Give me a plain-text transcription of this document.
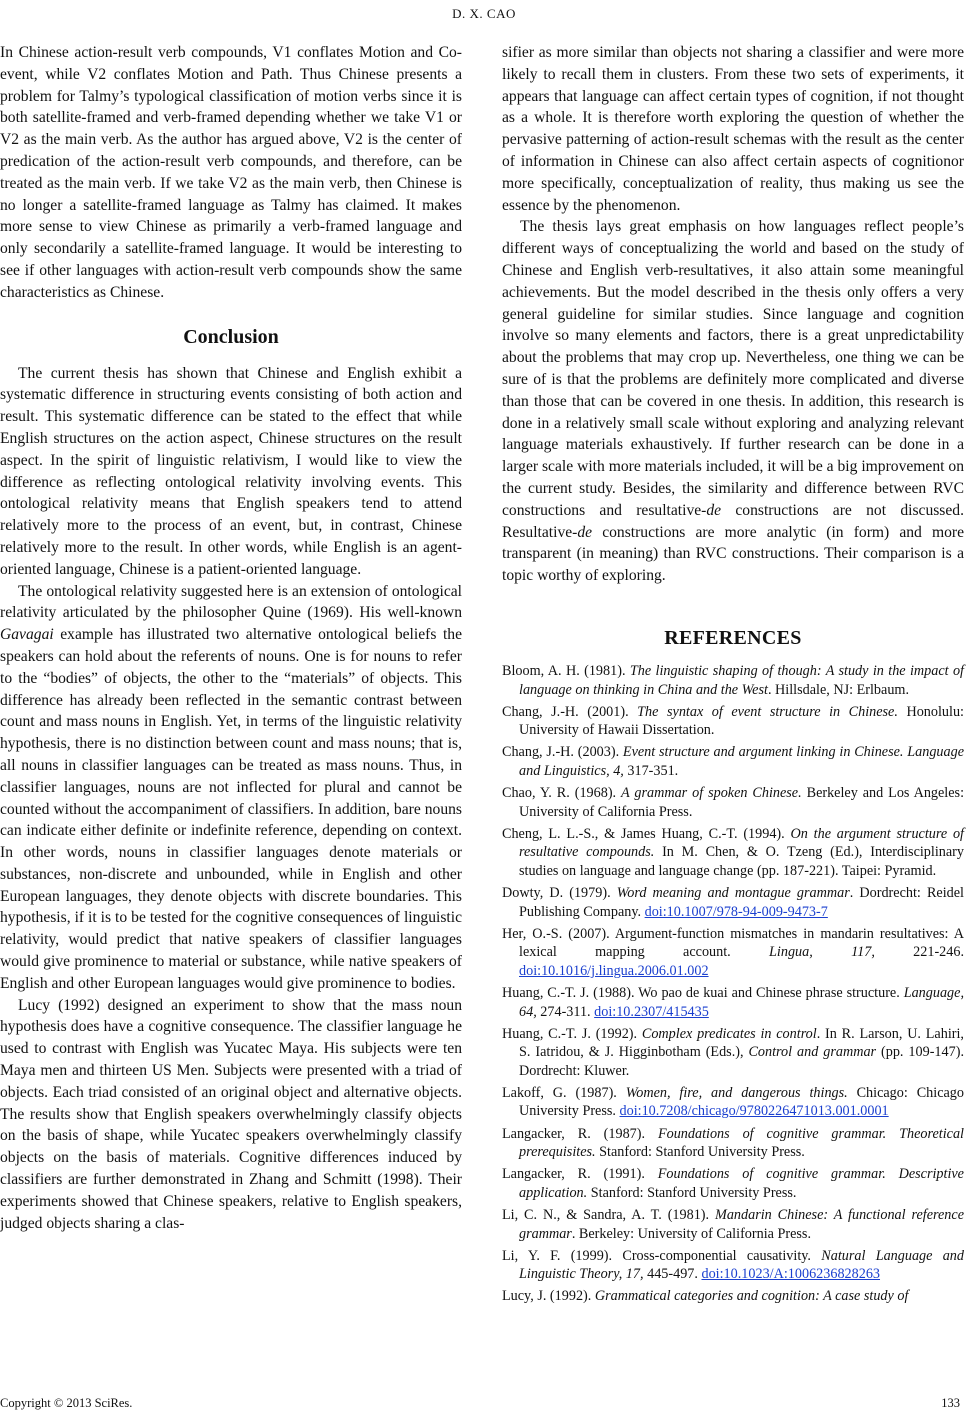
D. X. CAO

In Chinese action-result verb compounds, V1 conflates Motion and Co-event, while V2 conflates Motion and Path. Thus Chinese presents a problem for Talmy’s typological classification of motion verbs since it is both satellite-framed and verb-framed depending whether we take V1 or V2 as the main verb. As the author has argued above, V2 is the center of predication of the action-result verb compounds, and therefore, can be treated as the main verb. If we take V2 as the main verb, then Chinese is no longer a satellite-framed language as Talmy has claimed. It makes more sense to view Chinese as primarily a verb-framed language and only secondarily a satellite-framed language. It would be interesting to see if other languages with action-result verb compounds show the same characteristics as Chinese.

Conclusion

The current thesis has shown that Chinese and English exhibit a systematic difference in structuring events consisting of both action and result. This systematic difference can be stated to the effect that while English structures on the action aspect, Chinese structures on the result aspect. In the spirit of linguistic relativism, I would like to view the difference as reflecting ontological relativity involving events. This ontological relativity means that English speakers tend to attend relatively more to the process of an event, but, in contrast, Chinese relatively more to the result. In other words, while English is an agent-oriented language, Chinese is a patient-oriented language.

The ontological relativity suggested here is an extension of ontological relativity articulated by the philosopher Quine (1969). His well-known Gavagai example has illustrated two alternative ontological beliefs the speakers can hold about the referents of nouns. One is for nouns to refer to the “bodies” of objects, the other to the “materials” of objects. This difference has already been reflected in the semantic contrast between count and mass nouns in English. Yet, in terms of the linguistic relativity hypothesis, there is no distinction between count and mass nouns; that is, all nouns in classifier languages can be treated as mass nouns. Thus, in classifier languages, nouns are not inflected for plural and cannot be counted without the accompaniment of classifiers. In addition, bare nouns can indicate either definite or indefinite reference, depending on context. In other words, nouns in classifier languages denote materials or substances, non-discrete and unbounded, while in English and other European languages, they denote objects with discrete boundaries. This hypothesis, if it is to be tested for the cognitive consequences of linguistic relativity, would predict that native speakers of classifier languages would give prominence to material or substance, while native speakers of English and other European languages would give prominence to bodies.

Lucy (1992) designed an experiment to show that the mass noun hypothesis does have a cognitive consequence. The classifier language he used to contrast with English was Yucatec Maya. His subjects were ten Maya men and thirteen US Men. Subjects were presented with a triad of objects. Each triad consisted of an original object and alternative objects. The results show that English speakers overwhelmingly classify objects on the basis of shape, while Yucatec speakers overwhelmingly classify objects on the basis of materials. Cognitive differences induced by classifiers are further demonstrated in Zhang and Schmitt (1998). Their experiments showed that Chinese speakers, relative to English speakers, judged objects sharing a clas-

sifier as more similar than objects not sharing a classifier and were more likely to recall them in clusters. From these two sets of experiments, it appears that language can affect certain types of cognition, if not thought as a whole. It is therefore worth exploring the question of whether the pervasive patterning of action-result schemas with the result as the center of information in Chinese can also affect certain aspects of cognitionor more specifically, conceptualization of reality, thus making us see the essence by the phenomenon.

The thesis lays great emphasis on how languages reflect people’s different ways of conceptualizing the world and based on the study of Chinese and English verb-resultatives, it also attain some meaningful achievements. But the model described in the thesis only offers a very general guideline for similar studies. Since language and cognition involve so many elements and factors, there is a great unpredictability about the problems that may crop up. Nevertheless, one thing we can be sure of is that the problems are definitely more complicated and diverse than those that can be covered in one thesis. In addition, this research is done in a relatively small scale without exploring and analyzing relevant language materials exhaustively. If further research can be done in a larger scale with more materials included, it will be a big improvement on the current study. Besides, the similarity and difference between RVC constructions and resultative-de constructions are not discussed. Resultative-de constructions are more analytic (in form) and more transparent (in meaning) than RVC constructions. Their comparison is a topic worthy of exploring.

REFERENCES

Bloom, A. H. (1981). The linguistic shaping of though: A study in the impact of language on thinking in China and the West. Hillsdale, NJ: Erlbaum.

Chang, J.-H. (2001). The syntax of event structure in Chinese. Honolulu: University of Hawaii Dissertation.

Chang, J.-H. (2003). Event structure and argument linking in Chinese. Language and Linguistics, 4, 317-351.

Chao, Y. R. (1968). A grammar of spoken Chinese. Berkeley and Los Angeles: University of California Press.

Cheng, L. L.-S., & James Huang, C.-T. (1994). On the argument structure of resultative compounds. In M. Chen, & O. Tzeng (Ed.), Interdisciplinary studies on language and language change (pp. 187-221). Taipei: Pyramid.

Dowty, D. (1979). Word meaning and montague grammar. Dordrecht: Reidel Publishing Company. doi:10.1007/978-94-009-9473-7

Her, O.-S. (2007). Argument-function mismatches in mandarin resultatives: A lexical mapping account. Lingua, 117, 221-246. doi:10.1016/j.lingua.2006.01.002

Huang, C.-T. J. (1988). Wo pao de kuai and Chinese phrase structure. Language, 64, 274-311. doi:10.2307/415435

Huang, C.-T. J. (1992). Complex predicates in control. In R. Larson, U. Lahiri, S. Iatridou, & J. Higginbotham (Eds.), Control and grammar (pp. 109-147). Dordrecht: Kluwer.

Lakoff, G. (1987). Women, fire, and dangerous things. Chicago: Chicago University Press. doi:10.7208/chicago/9780226471013.001.0001

Langacker, R. (1987). Foundations of cognitive grammar. Theoretical prerequisites. Stanford: Stanford University Press.

Langacker, R. (1991). Foundations of cognitive grammar. Descriptive application. Stanford: Stanford University Press.

Li, C. N., & Sandra, A. T. (1981). Mandarin Chinese: A functional reference grammar. Berkeley: University of California Press.

Li, Y. F. (1999). Cross-componential causativity. Natural Language and Linguistic Theory, 17, 445-497. doi:10.1023/A:1006236828263

Lucy, J. (1992). Grammatical categories and cognition: A case study of

Copyright © 2013 SciRes.	133
